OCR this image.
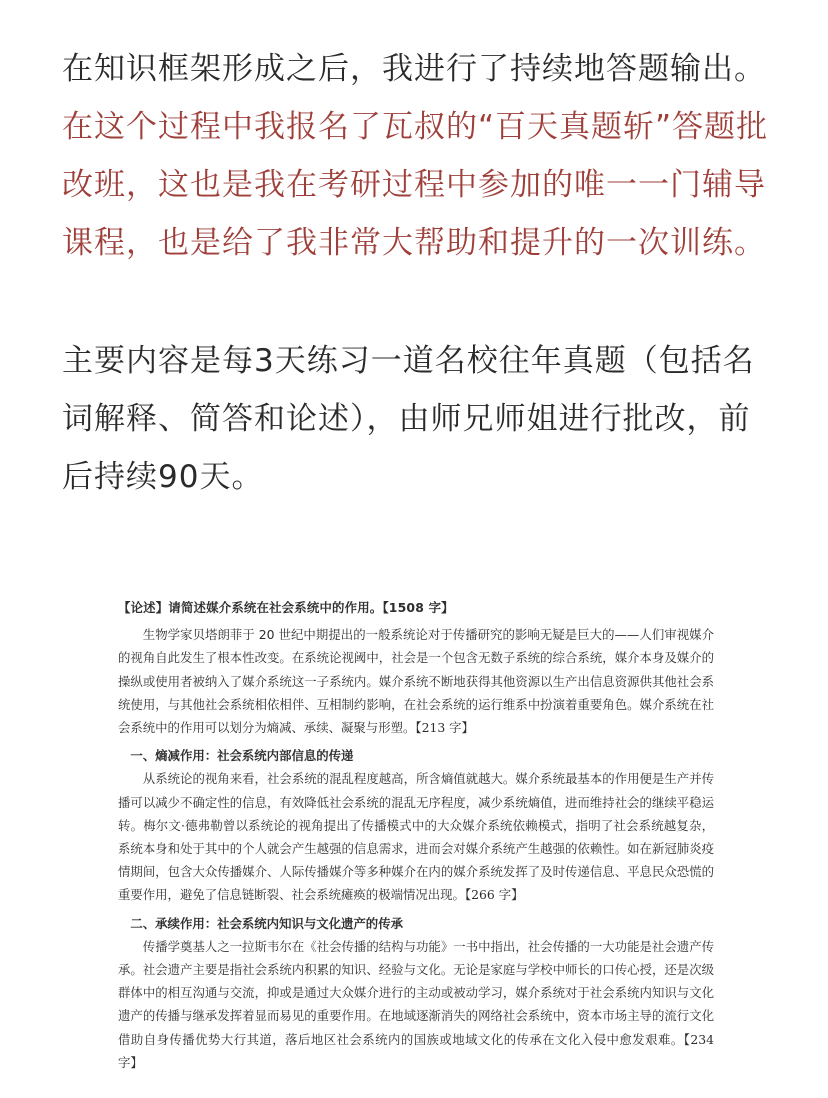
在知识框架形成之后，我进行了持续地答题输出。在这个过程中我报名了瓦叔的“百天真题斩”答题批改班，这也是我在考研过程中参加的唯一一门辅导课程，也是给了我非常大帮助和提升的一次训练。

主要内容是每3天练习一道名校往年真题（包括名词解释、简答和论述），由师兄师姐进行批改，前后持续90天。

【论述】请简述媒介系统在社会系统中的作用。【1508 字】

生物学家贝塔朗菲于 20 世纪中期提出的一般系统论对于传播研究的影响无疑是巨大的——人们审视媒介的视角自此发生了根本性改变。在系统论视阈中，社会是一个包含无数子系统的综合系统，媒介本身及媒介的操纵或使用者被纳入了媒介系统这一子系统内。媒介系统不断地获得其他资源以生产出信息资源供其他社会系统使用，与其他社会系统相依相伴、互相制约影响，在社会系统的运行维系中扮演着重要角色。媒介系统在社会系统中的作用可以划分为熵减、承续、凝聚与形塑。【213 字】

一、熵减作用：社会系统内部信息的传递

从系统论的视角来看，社会系统的混乱程度越高，所含熵值就越大。媒介系统最基本的作用便是生产并传播可以减少不确定性的信息，有效降低社会系统的混乱无序程度，减少系统熵值，进而维持社会的继续平稳运转。梅尔文·德弗勒曾以系统论的视角提出了传播模式中的大众媒介系统依赖模式，指明了社会系统越复杂，系统本身和处于其中的个人就会产生越强的信息需求，进而会对媒介系统产生越强的依赖性。如在新冠肺炎疫情期间，包含大众传播媒介、人际传播媒介等多种媒介在内的媒介系统发挥了及时传递信息、平息民众恐慌的重要作用，避免了信息链断裂、社会系统瘫痪的极端情况出现。【266 字】

二、承续作用：社会系统内知识与文化遗产的传承

传播学奠基人之一拉斯韦尔在《社会传播的结构与功能》一书中指出，社会传播的一大功能是社会遗产传承。社会遗产主要是指社会系统内积累的知识、经验与文化。无论是家庭与学校中师长的口传心授，还是次级群体中的相互沟通与交流，抑或是通过大众媒介进行的主动或被动学习，媒介系统对于社会系统内知识与文化遗产的传播与继承发挥着显而易见的重要作用。在地域逐渐消失的网络社会系统中，资本市场主导的流行文化借助自身传播优势大行其道，落后地区社会系统内的国族或地域文化的传承在文化入侵中愈发艰难。【234 字】
